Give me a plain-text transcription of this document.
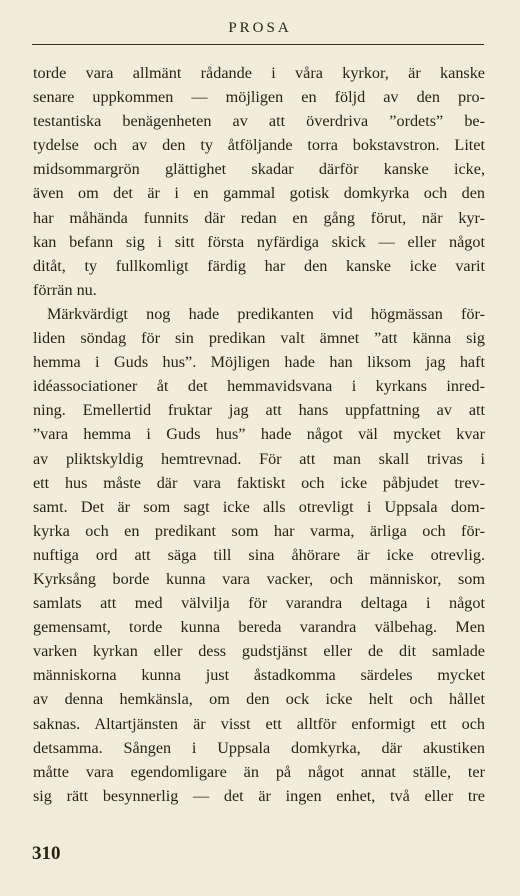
PROSA
torde vara allmänt rådande i våra kyrkor, är kanske
senare uppkommen — möjligen en följd av den pro-
testantiska benägenheten av att överdriva ”ordets” be-
tydelse och av den ty åtföljande torra bokstavstron. Litet
midsommargrön glättighet skadar därför kanske icke,
även om det är i en gammal gotisk domkyrka och den
har måhända funnits där redan en gång förut, när kyr-
kan befann sig i sitt första nyfärdiga skick — eller något
ditåt, ty fullkomligt färdig har den kanske icke varit
förrän nu.
Märkvärdigt nog hade predikanten vid högmässan för-
liden söndag för sin predikan valt ämnet ”att känna sig
hemma i Guds hus”. Möjligen hade han liksom jag haft
idéassociationer åt det hemmavidsvana i kyrkans inred-
ning. Emellertid fruktar jag att hans uppfattning av att
”vara hemma i Guds hus” hade något väl mycket kvar
av pliktskyldig hemtrevnad. För att man skall trivas i
ett hus måste där vara faktiskt och icke påbjudet trev-
samt. Det är som sagt icke alls otrevligt i Uppsala dom-
kyrka och en predikant som har varma, ärliga och för-
nuftiga ord att säga till sina åhörare är icke otrevlig.
Kyrksång borde kunna vara vacker, och människor, som
samlats att med välvilja för varandra deltaga i något
gemensamt, torde kunna bereda varandra välbehag. Men
varken kyrkan eller dess gudstjänst eller de dit samlade
människorna kunna just åstadkomma särdeles mycket
av denna hemkänsla, om den ock icke helt och hållet
saknas. Altartjänsten är visst ett alltför enformigt ett och
detsamma. Sången i Uppsala domkyrka, där akustiken
måtte vara egendomligare än på något annat ställe, ter
sig rätt besynnerlig — det är ingen enhet, två eller tre
310
